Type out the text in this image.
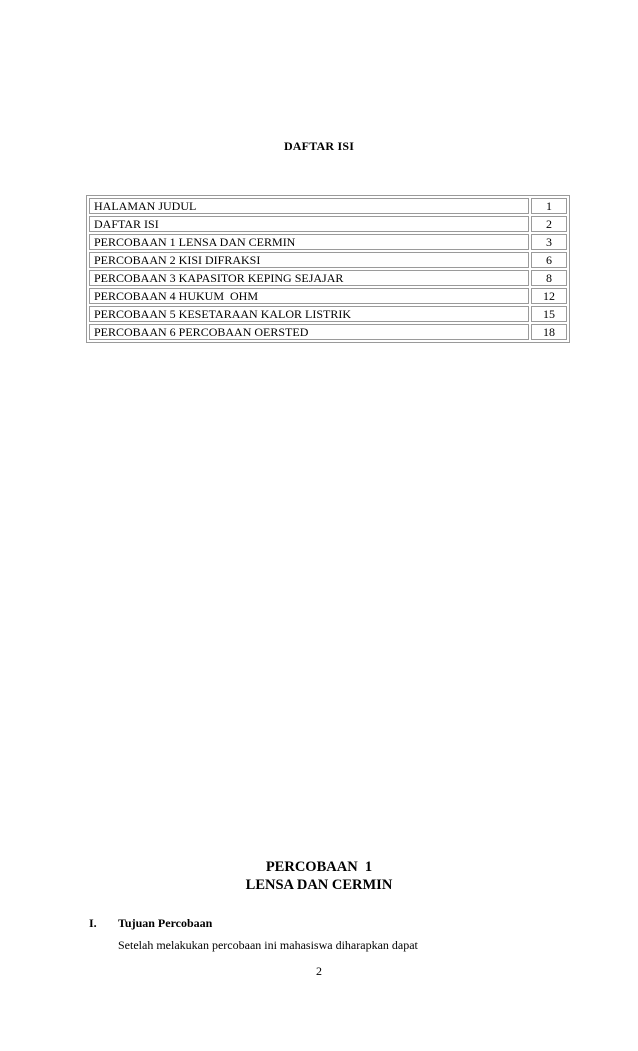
DAFTAR ISI
HALAMAN JUDUL	1
DAFTAR ISI	2
PERCOBAAN 1 LENSA DAN CERMIN	3
PERCOBAAN 2 KISI DIFRAKSI	6
PERCOBAAN 3 KAPASITOR KEPING SEJAJAR	8
PERCOBAAN 4 HUKUM  OHM	12
PERCOBAAN 5 KESETARAAN KALOR LISTRIK	15
PERCOBAAN 6 PERCOBAAN OERSTED	18
PERCOBAAN  1
LENSA DAN CERMIN
I. Tujuan Percobaan
Setelah melakukan percobaan ini mahasiswa diharapkan dapat
2
